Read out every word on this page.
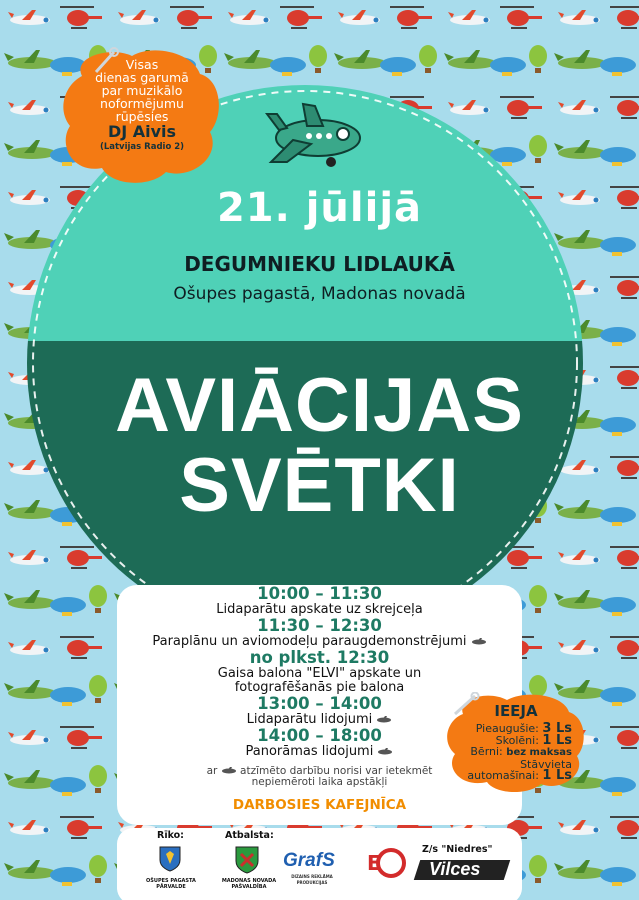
Visas
dienas garumā
par muzikālo
noformējumu
rūpēsies
DJ Aivis
(Latvijas Radio 2)
21. jūlijā
DEGUMNIEKU LIDLAUKĀ
Ošupes pagastā, Madonas novadā
AVIĀCIJAS
SVĒTKI
10:00 – 11:30
Lidaparātu apskate uz skrejceļa
11:30 – 12:30
Paraplānu un aviomodeļu paraugdemonstrējumi
no plkst. 12:30
Gaisa balona "ELVI" apskate un
fotografēšanās pie balona
13:00 – 14:00
Lidaparātu lidojumi
14:00 – 18:00
Panorāmas lidojumi
ar atzīmēto darbību norisi var ietekmēt
nepiemēroti laika apstākļi
DARBOSIES KAFEJNĪCA
IEEJA
Pieaugušie: 3 Ls
Skolēni: 1 Ls
Bērni: bez maksas
Stāvvieta
automašīnai: 1 Ls
Rīko:
OŠUPES PAGASTA
PĀRVALDE
Atbalsta:
MADONAS NOVADA
PAŠVALDĪBA
GrafS
DIZAINS REKLĀMA PRODUKCIJAS
E
Z/s "Niedres"
Vilces
